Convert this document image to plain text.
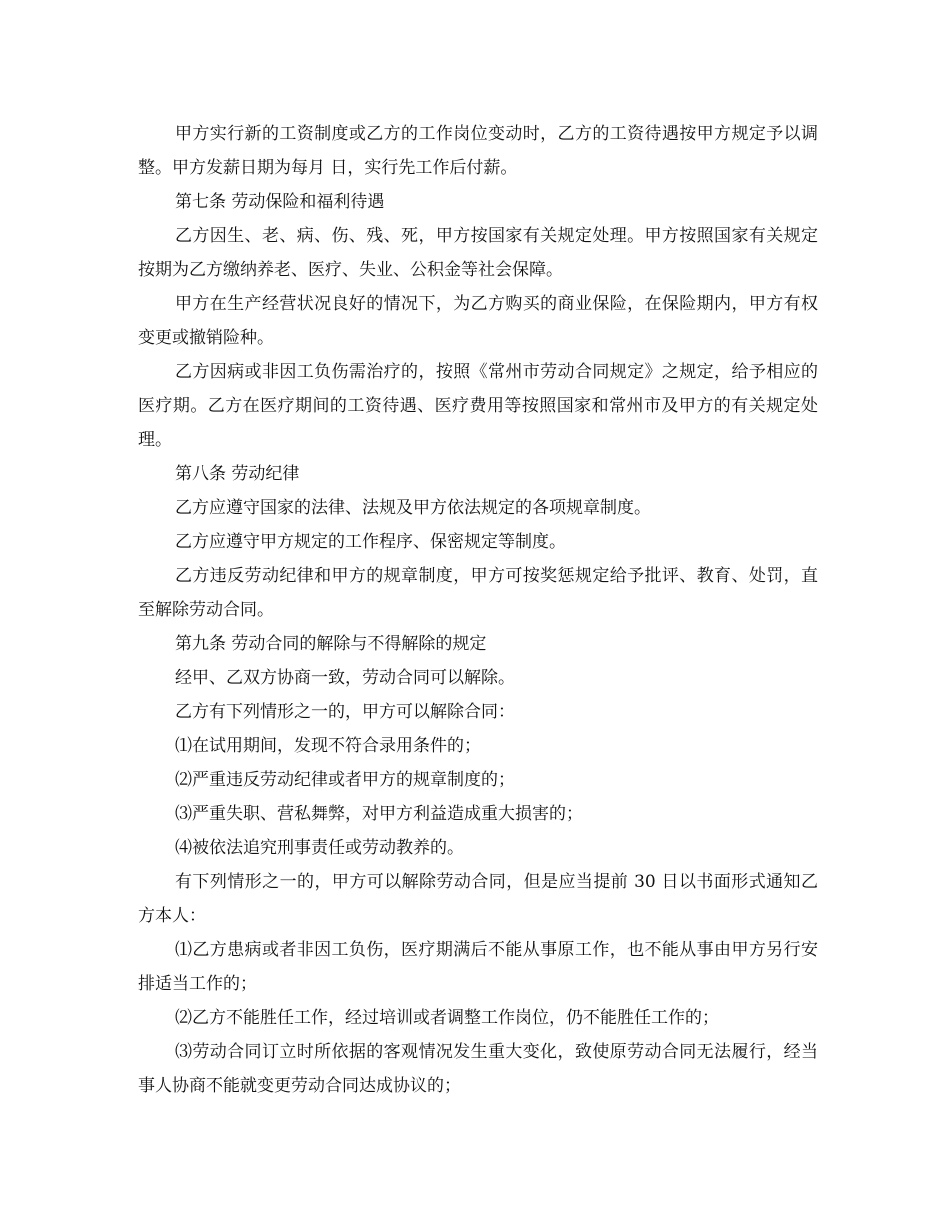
甲方实行新的工资制度或乙方的工作岗位变动时，乙方的工资待遇按甲方规定予以调整。甲方发薪日期为每月 日，实行先工作后付薪。

第七条 劳动保险和福利待遇

乙方因生、老、病、伤、残、死，甲方按国家有关规定处理。甲方按照国家有关规定按期为乙方缴纳养老、医疗、失业、公积金等社会保障。

甲方在生产经营状况良好的情况下，为乙方购买的商业保险，在保险期内，甲方有权变更或撤销险种。

乙方因病或非因工负伤需治疗的，按照《常州市劳动合同规定》之规定，给予相应的医疗期。乙方在医疗期间的工资待遇、医疗费用等按照国家和常州市及甲方的有关规定处理。

第八条 劳动纪律

乙方应遵守国家的法律、法规及甲方依法规定的各项规章制度。

乙方应遵守甲方规定的工作程序、保密规定等制度。

乙方违反劳动纪律和甲方的规章制度，甲方可按奖惩规定给予批评、教育、处罚，直至解除劳动合同。

第九条 劳动合同的解除与不得解除的规定

经甲、乙双方协商一致，劳动合同可以解除。

乙方有下列情形之一的，甲方可以解除合同：

⑴在试用期间，发现不符合录用条件的；

⑵严重违反劳动纪律或者甲方的规章制度的；

⑶严重失职、营私舞弊，对甲方利益造成重大损害的；

⑷被依法追究刑事责任或劳动教养的。

有下列情形之一的，甲方可以解除劳动合同，但是应当提前 30 日以书面形式通知乙方本人：

⑴乙方患病或者非因工负伤，医疗期满后不能从事原工作，也不能从事由甲方另行安排适当工作的；

⑵乙方不能胜任工作，经过培训或者调整工作岗位，仍不能胜任工作的；

⑶劳动合同订立时所依据的客观情况发生重大变化，致使原劳动合同无法履行，经当事人协商不能就变更劳动合同达成协议的；
